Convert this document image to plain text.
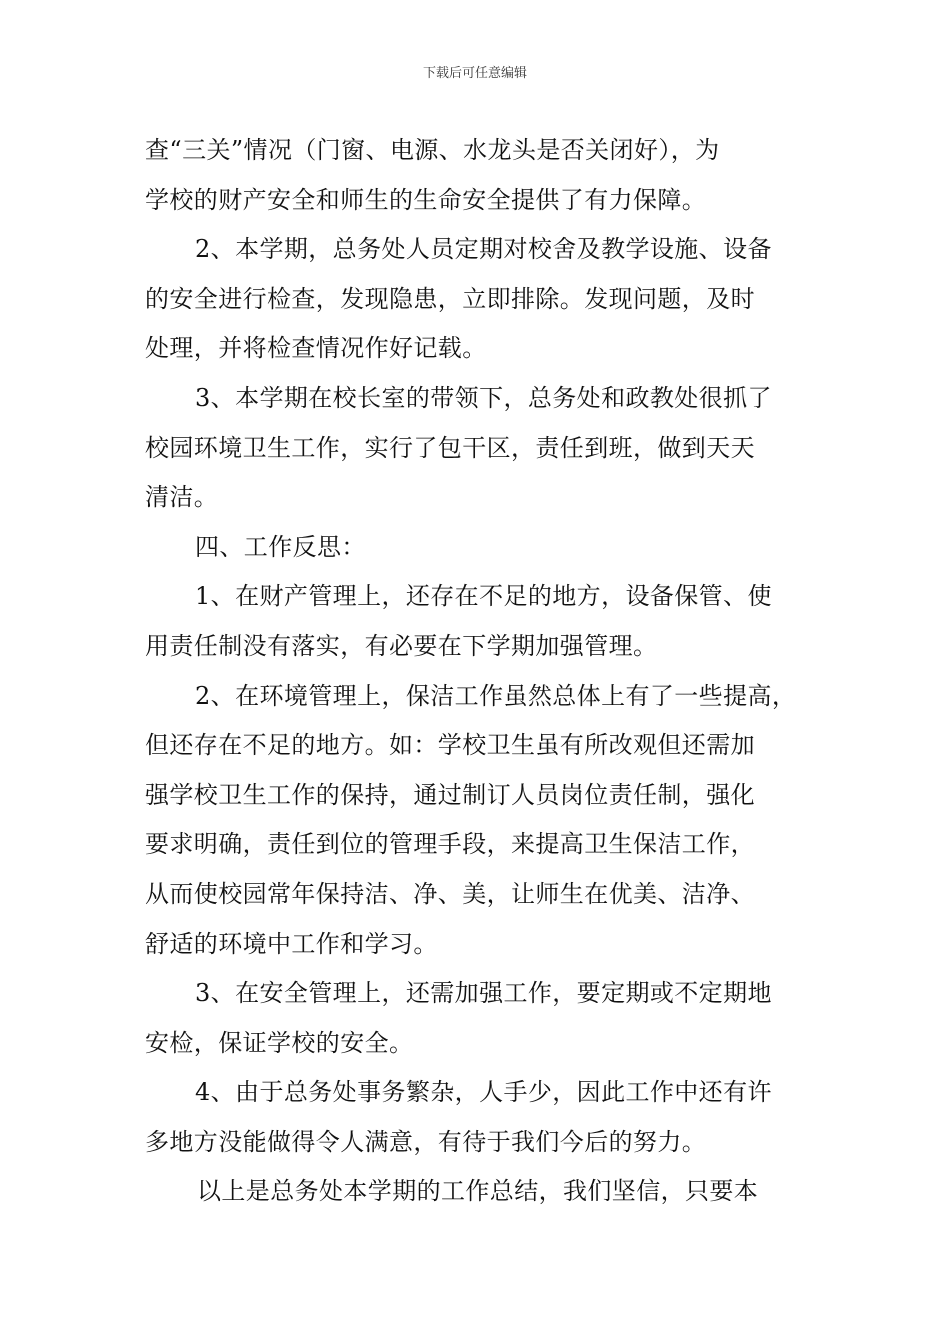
下载后可任意编辑
查“三关”情况（门窗、电源、水龙头是否关闭好），为
学校的财产安全和师生的生命安全提供了有力保障。
2、本学期，总务处人员定期对校舍及教学设施、设备
的安全进行检查，发现隐患，立即排除。发现问题，及时
处理，并将检查情况作好记载。
3、本学期在校长室的带领下，总务处和政教处很抓了
校园环境卫生工作，实行了包干区，责任到班，做到天天
清洁。
四、工作反思：
1、在财产管理上，还存在不足的地方，设备保管、使
用责任制没有落实，有必要在下学期加强管理。
2、在环境管理上，保洁工作虽然总体上有了一些提高，
但还存在不足的地方。如：学校卫生虽有所改观但还需加
强学校卫生工作的保持，通过制订人员岗位责任制，强化
要求明确，责任到位的管理手段，来提高卫生保洁工作，
从而使校园常年保持洁、净、美，让师生在优美、洁净、
舒适的环境中工作和学习。
3、在安全管理上，还需加强工作，要定期或不定期地
安检，保证学校的安全。
4、由于总务处事务繁杂，人手少，因此工作中还有许
多地方没能做得令人满意，有待于我们今后的努力。
以上是总务处本学期的工作总结，我们坚信，只要本
